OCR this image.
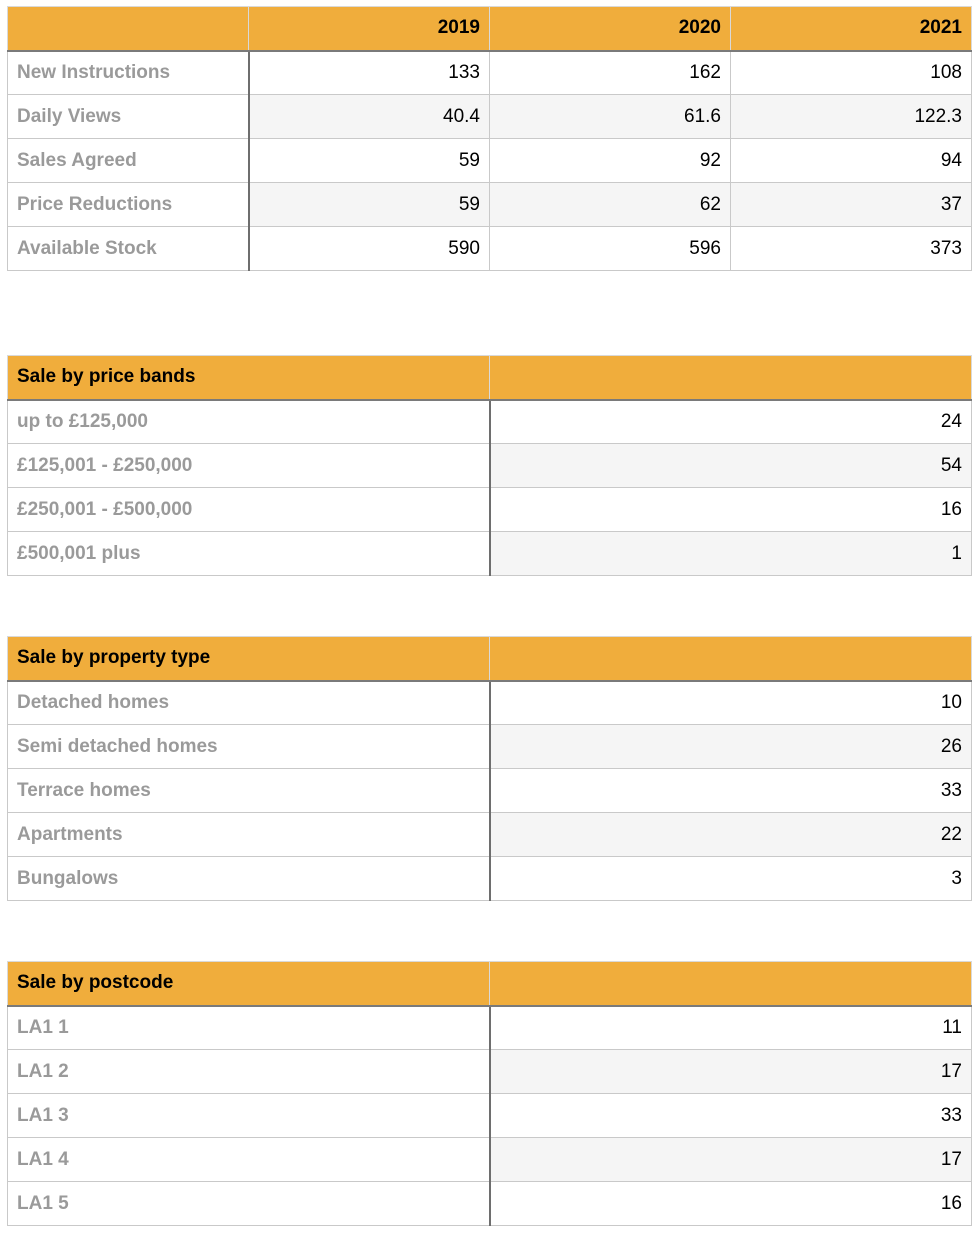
	2019	2020	2021
New Instructions	133	162	108
Daily Views	40.4	61.6	122.3
Sales Agreed	59	92	94
Price Reductions	59	62	37
Available Stock	590	596	373
Sale by price bands	
up to £125,000	24
£125,001 - £250,000	54
£250,001 - £500,000	16
£500,001 plus	1
Sale by property type	
Detached homes	10
Semi detached homes	26
Terrace homes	33
Apartments	22
Bungalows	3
Sale by postcode	
LA1 1	11
LA1 2	17
LA1 3	33
LA1 4	17
LA1 5	16
